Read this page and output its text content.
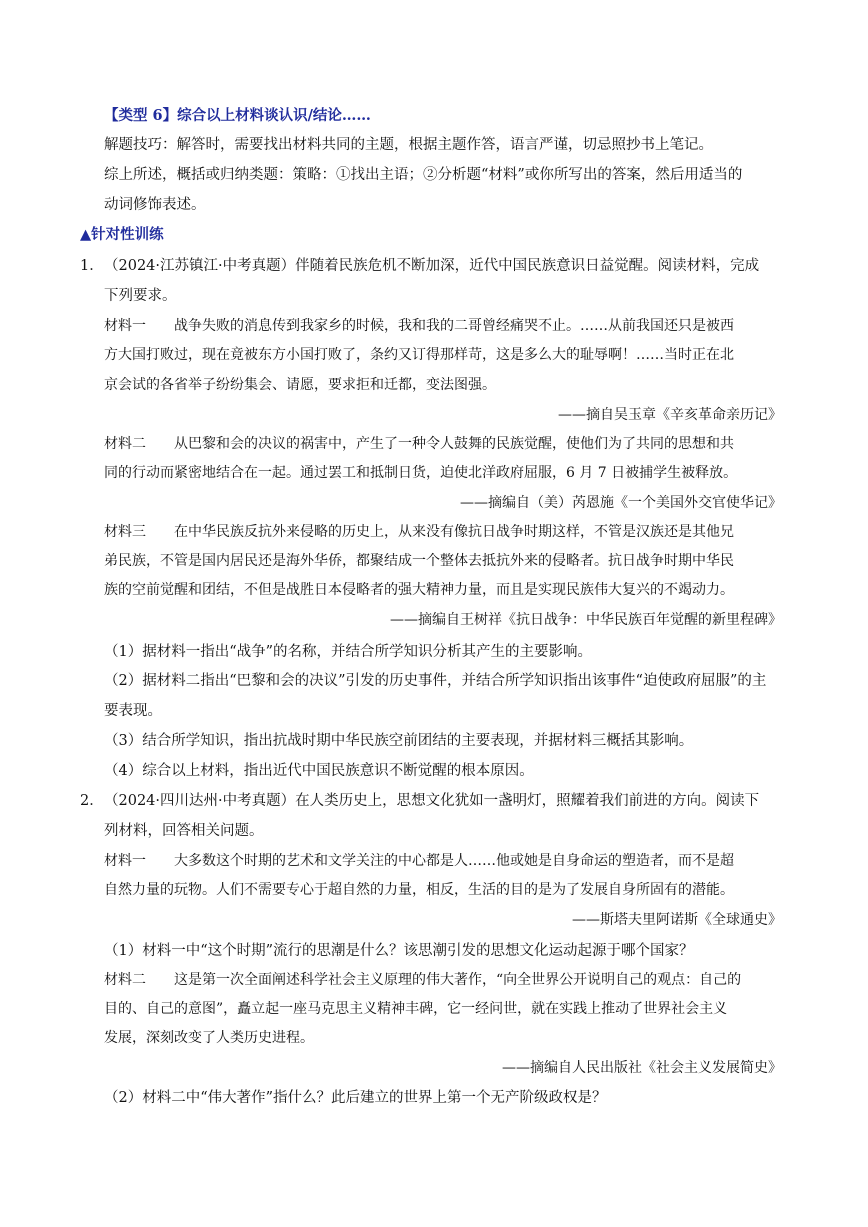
【类型 6】综合以上材料谈认识/结论……
解题技巧：解答时，需要找出材料共同的主题，根据主题作答，语言严谨，切忌照抄书上笔记。
综上所述，概括或归纳类题：策略：①找出主语；②分析题“材料”或你所写出的答案，然后用适当的
动词修饰表述。
▲针对性训练
1． （2024·江苏镇江·中考真题）伴随着民族危机不断加深，近代中国民族意识日益觉醒。阅读材料，完成
下列要求。
材料一　　战争失败的消息传到我家乡的时候，我和我的二哥曾经痛哭不止。……从前我国还只是被西
方大国打败过，现在竟被东方小国打败了，条约又订得那样苛，这是多么大的耻辱啊！……当时正在北
京会试的各省举子纷纷集会、请愿，要求拒和迁都，变法图强。
——摘自吴玉章《辛亥革命亲历记》
材料二　　从巴黎和会的决议的祸害中，产生了一种令人鼓舞的民族觉醒，使他们为了共同的思想和共
同的行动而紧密地结合在一起。通过罢工和抵制日货，迫使北洋政府屈服，6 月 7 日被捕学生被释放。
——摘编自（美）芮恩施《一个美国外交官使华记》
材料三　　在中华民族反抗外来侵略的历史上，从来没有像抗日战争时期这样，不管是汉族还是其他兄
弟民族，不管是国内居民还是海外华侨，都聚结成一个整体去抵抗外来的侵略者。抗日战争时期中华民
族的空前觉醒和团结，不但是战胜日本侵略者的强大精神力量，而且是实现民族伟大复兴的不竭动力。
——摘编自王树祥《抗日战争：中华民族百年觉醒的新里程碑》
（1）据材料一指出“战争”的名称，并结合所学知识分析其产生的主要影响。
（2）据材料二指出“巴黎和会的决议”引发的历史事件，并结合所学知识指出该事件“迫使政府屈服”的主
要表现。
（3）结合所学知识，指出抗战时期中华民族空前团结的主要表现，并据材料三概括其影响。
（4）综合以上材料，指出近代中国民族意识不断觉醒的根本原因。
2． （2024·四川达州·中考真题）在人类历史上，思想文化犹如一盏明灯，照耀着我们前进的方向。阅读下
列材料，回答相关问题。
材料一　　大多数这个时期的艺术和文学关注的中心都是人……他或她是自身命运的塑造者，而不是超
自然力量的玩物。人们不需要专心于超自然的力量，相反，生活的目的是为了发展自身所固有的潜能。
——斯塔夫里阿诺斯《全球通史》
（1）材料一中“这个时期”流行的思潮是什么？该思潮引发的思想文化运动起源于哪个国家？
材料二　　这是第一次全面阐述科学社会主义原理的伟大著作，“向全世界公开说明自己的观点：自己的
目的、自己的意图”，矗立起一座马克思主义精神丰碑，它一经问世，就在实践上推动了世界社会主义
发展，深刻改变了人类历史进程。
——摘编自人民出版社《社会主义发展简史》
（2）材料二中“伟大著作”指什么？此后建立的世界上第一个无产阶级政权是？
